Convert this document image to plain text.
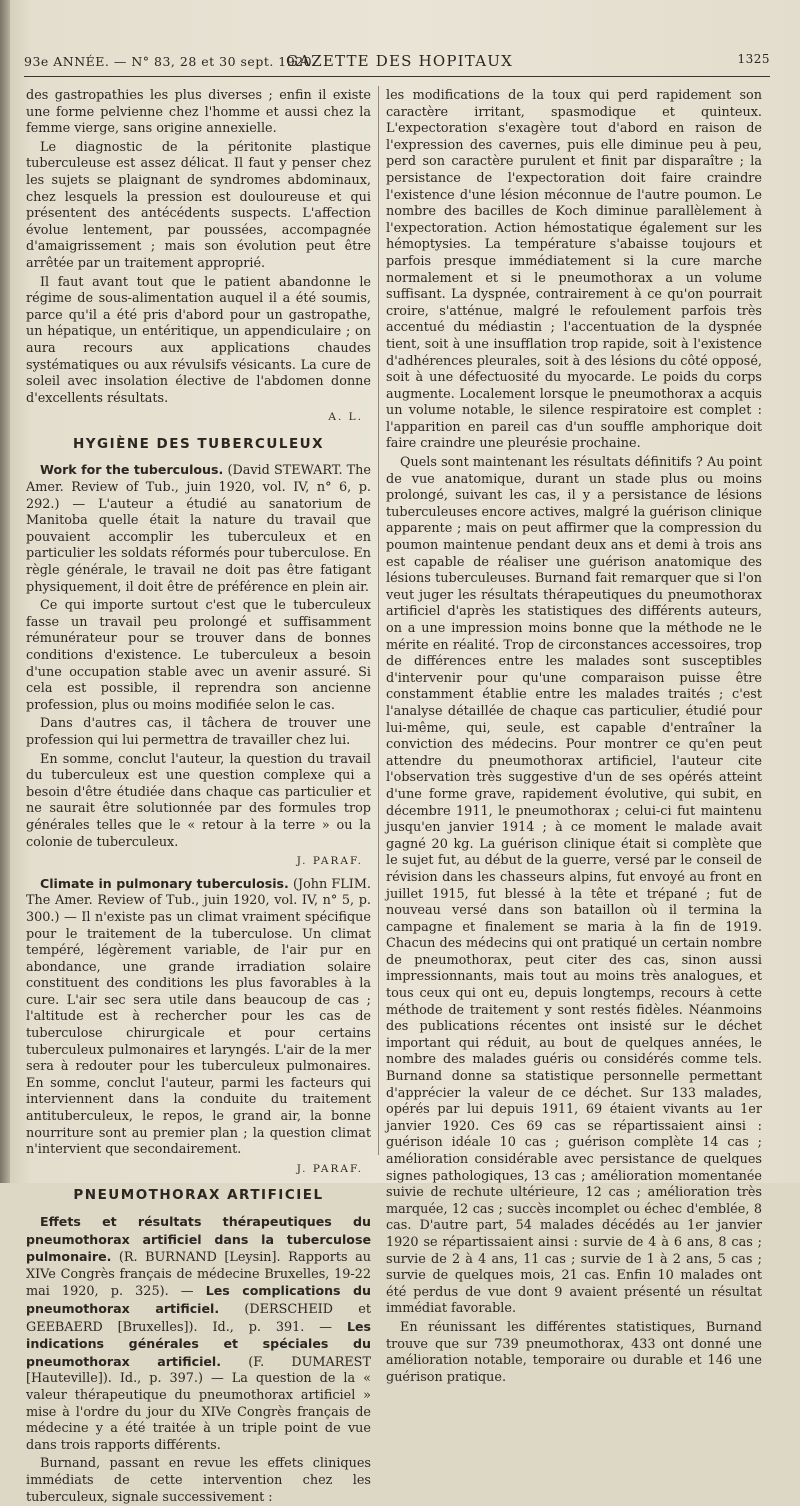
93e ANNÉE. — N° 83, 28 et 30 sept. 1920.
GAZETTE DES HOPITAUX	1325

des gastropathies les plus diverses ; enfin il existe une forme pelvienne chez l'homme et aussi chez la femme vierge, sans origine annexielle.

Le diagnostic de la péritonite plastique tuberculeuse est assez délicat. Il faut y penser chez les sujets se plaignant de syndromes abdominaux, chez lesquels la pression est douloureuse et qui présentent des antécédents suspects. L'affection évolue lentement, par poussées, accompagnée d'amaigrissement ; mais son évolution peut être arrêtée par un traitement approprié.

Il faut avant tout que le patient abandonne le régime de sous-alimentation auquel il a été soumis, parce qu'il a été pris d'abord pour un gastropathe, un hépatique, un entéritique, un appendiculaire ; on aura recours aux applications chaudes systématiques ou aux révulsifs vésicants. La cure de soleil avec insolation élective de l'abdomen donne d'excellents résultats.

A. L.
HYGIÈNE DES TUBERCULEUX

Work for the tuberculous. (David STEWART. The Amer. Review of Tub., juin 1920, vol. IV, n° 6, p. 292.) — L'auteur a étudié au sanatorium de Manitoba quelle était la nature du travail que pouvaient accomplir les tuberculeux et en particulier les soldats réformés pour tuberculose. En règle générale, le travail ne doit pas être fatigant physiquement, il doit être de préférence en plein air.

Ce qui importe surtout c'est que le tuberculeux fasse un travail peu prolongé et suffisamment rémunérateur pour se trouver dans de bonnes conditions d'existence. Le tuberculeux a besoin d'une occupation stable avec un avenir assuré. Si cela est possible, il reprendra son ancienne profession, plus ou moins modifiée selon le cas.

Dans d'autres cas, il tâchera de trouver une profession qui lui permettra de travailler chez lui.

En somme, conclut l'auteur, la question du travail du tuberculeux est une question complexe qui a besoin d'être étudiée dans chaque cas particulier et ne saurait être solutionnée par des formules trop générales telles que le « retour à la terre » ou la colonie de tuberculeux.

J. PARAF.

Climate in pulmonary tuberculosis. (John FLIM. The Amer. Review of Tub., juin 1920, vol. IV, n° 5, p. 300.) — Il n'existe pas un climat vraiment spécifique pour le traitement de la tuberculose. Un climat tempéré, légèrement variable, de l'air pur en abondance, une grande irradiation solaire constituent des conditions les plus favorables à la cure. L'air sec sera utile dans beaucoup de cas ; l'altitude est à rechercher pour les cas de tuberculose chirurgicale et pour certains tuberculeux pulmonaires et laryngés. L'air de la mer sera à redouter pour les tuberculeux pulmonaires. En somme, conclut l'auteur, parmi les facteurs qui interviennent dans la conduite du traitement antituberculeux, le repos, le grand air, la bonne nourriture sont au premier plan ; la question climat n'intervient que secondairement.

J. PARAF.
PNEUMOTHORAX ARTIFICIEL

Effets et résultats thérapeutiques du pneumothorax artificiel dans la tuberculose pulmonaire. (R. BURNAND [Leysin]. Rapports au XIVe Congrès français de médecine Bruxelles, 19-22 mai 1920, p. 325). — Les complications du pneumothorax artificiel. (DERSCHEID et GEEBAERD [Bruxelles]). Id., p. 391. — Les indications générales et spéciales du pneumothorax artificiel. (F. DUMAREST [Hauteville]). Id., p. 397.) — La question de la « valeur thérapeutique du pneumothorax artificiel » mise à l'ordre du jour du XIVe Congrès français de médecine y a été traitée à un triple point de vue dans trois rapports différents.

Burnand, passant en revue les effets cliniques immédiats de cette intervention chez les tuberculeux, signale successivement :

les modifications de la toux qui perd rapidement son caractère irritant, spasmodique et quinteux. L'expectoration s'exagère tout d'abord en raison de l'expression des cavernes, puis elle diminue peu à peu, perd son caractère purulent et finit par disparaître ; la persistance de l'expectoration doit faire craindre l'existence d'une lésion méconnue de l'autre poumon. Le nombre des bacilles de Koch diminue parallèlement à l'expectoration. Action hémostatique également sur les hémoptysies. La température s'abaisse toujours et parfois presque immédiatement si la cure marche normalement et si le pneumothorax a un volume suffisant. La dyspnée, contrairement à ce qu'on pourrait croire, s'atténue, malgré le refoulement parfois très accentué du médiastin ; l'accentuation de la dyspnée tient, soit à une insufflation trop rapide, soit à l'existence d'adhérences pleurales, soit à des lésions du côté opposé, soit à une défectuosité du myocarde. Le poids du corps augmente. Localement lorsque le pneumothorax a acquis un volume notable, le silence respiratoire est complet : l'apparition en pareil cas d'un souffle amphorique doit faire craindre une pleurésie prochaine.

Quels sont maintenant les résultats définitifs ? Au point de vue anatomique, durant un stade plus ou moins prolongé, suivant les cas, il y a persistance de lésions tuberculeuses encore actives, malgré la guérison clinique apparente ; mais on peut affirmer que la compression du poumon maintenue pendant deux ans et demi à trois ans est capable de réaliser une guérison anatomique des lésions tuberculeuses. Burnand fait remarquer que si l'on veut juger les résultats thérapeutiques du pneumothorax artificiel d'après les statistiques des différents auteurs, on a une impression moins bonne que la méthode ne le mérite en réalité. Trop de circonstances accessoires, trop de différences entre les malades sont susceptibles d'intervenir pour qu'une comparaison puisse être constamment établie entre les malades traités ; c'est l'analyse détaillée de chaque cas particulier, étudié pour lui-même, qui, seule, est capable d'entraîner la conviction des médecins. Pour montrer ce qu'en peut attendre du pneumothorax artificiel, l'auteur cite l'observation très suggestive d'un de ses opérés atteint d'une forme grave, rapidement évolutive, qui subit, en décembre 1911, le pneumothorax ; celui-ci fut maintenu jusqu'en janvier 1914 ; à ce moment le malade avait gagné 20 kg. La guérison clinique était si complète que le sujet fut, au début de la guerre, versé par le conseil de révision dans les chasseurs alpins, fut envoyé au front en juillet 1915, fut blessé à la tête et trépané ; fut de nouveau versé dans son bataillon où il termina la campagne et finalement se maria à la fin de 1919. Chacun des médecins qui ont pratiqué un certain nombre de pneumothorax, peut citer des cas, sinon aussi impressionnants, mais tout au moins très analogues, et tous ceux qui ont eu, depuis longtemps, recours à cette méthode de traitement y sont restés fidèles. Néanmoins des publications récentes ont insisté sur le déchet important qui réduit, au bout de quelques années, le nombre des malades guéris ou considérés comme tels. Burnand donne sa statistique personnelle permettant d'apprécier la valeur de ce déchet. Sur 133 malades, opérés par lui depuis 1911, 69 étaient vivants au 1er janvier 1920. Ces 69 cas se répartissaient ainsi : guérison idéale 10 cas ; guérison complète 14 cas ; amélioration considérable avec persistance de quelques signes pathologiques, 13 cas ; amélioration momentanée suivie de rechute ultérieure, 12 cas ; amélioration très marquée, 12 cas ; succès incomplet ou échec d'emblée, 8 cas. D'autre part, 54 malades décédés au 1er janvier 1920 se répartissaient ainsi : survie de 4 à 6 ans, 8 cas ; survie de 2 à 4 ans, 11 cas ; survie de 1 à 2 ans, 5 cas ; survie de quelques mois, 21 cas. Enfin 10 malades ont été perdus de vue dont 9 avaient présenté un résultat immédiat favorable.

En réunissant les différentes statistiques, Burnand trouve que sur 739 pneumothorax, 433 ont donné une amélioration notable, temporaire ou durable et 146 une guérison pratique.
